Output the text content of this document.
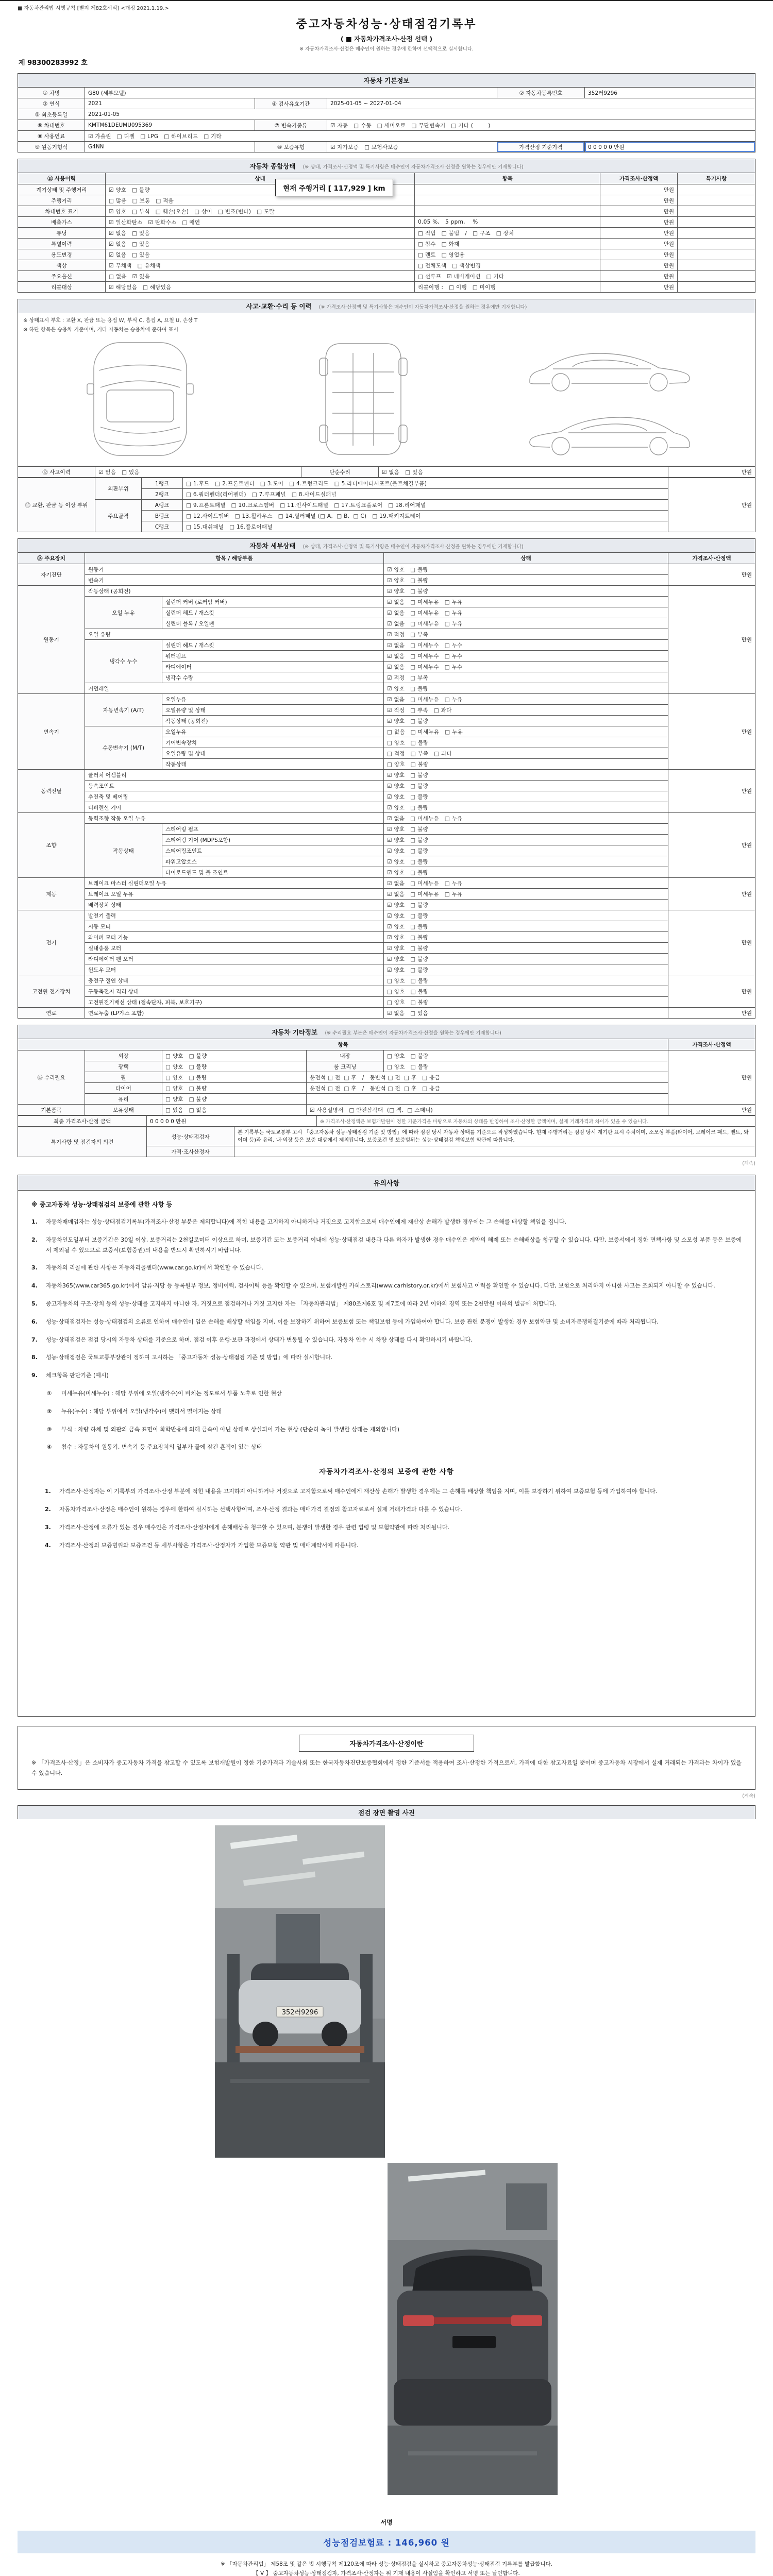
■ 자동차관리법 시행규칙 [별지 제82호서식] <개정 2021.1.19.>
중고자동차성능·상태점검기록부
( ■ 자동차가격조사·산정 선택 )
※ 자동차가격조사·산정은 매수인이 원하는 경우에 한하여 선택적으로 실시합니다.
제 98300283992 호
자동차 기본정보
① 차명	G80 (세부모델)			② 자동차등록번호	352러9296
③ 연식	2021	④ 검사유효기간	2025-01-05 ~ 2027-01-04		
⑤ 최초등록일	2021-01-05				
⑥ 차대번호	KMTM61DEUMU095369	⑦ 변속기종류	☑ 자동   □ 수동   □ 세미오토   □ 무단변속기   □ 기타 (        )		
⑧ 사용연료	☑ 가솔린   □ 디젤   □ LPG   □ 하이브리드   □ 기타				
⑨ 원동기형식	G4NN	⑩ 보증유형	☑ 자가보증   □ 보험사보증	가격산정 기준가격	0 0 0 0 0 만원
자동차 종합상태 (※ 상태, 가격조사·산정액 및 특기사항은 매수인이 자동차가격조사·산정을 원하는 경우에만 기재합니다)
현재 주행거리 [ 117,929 ] km
⑪ 사용이력	상태	항목	가격조사·산정액	특기사항
계기상태 및 주행거리	☑ 양호   □ 불량		만원	
주행거리	□ 많음   □ 보통   □ 적음		만원	
차대번호 표기	☑ 양호   □ 부식   □ 훼손(오손)   □ 상이   □ 변조(변타)   □ 도말		만원	
배출가스	☑ 일산화탄소   ☑ 탄화수소   □ 매연	0.05 %,   5 ppm,    %	만원	
튜닝	☑ 없음   □ 있음	□ 적법   □ 불법   /   □ 구조   □ 장치	만원	
특별이력	☑ 없음   □ 있음	□ 침수   □ 화재	만원	
용도변경	☑ 없음   □ 있음	□ 렌트   □ 영업용	만원	
색상	☑ 무채색   □ 유채색	□ 전체도색   □ 색상변경	만원	
주요옵션	□ 없음   ☑ 있음	□ 선루프   ☑ 네비게이션   □ 기타	만원	
리콜대상	☑ 해당없음   □ 해당있음	리콜이행 :   □ 이행   □ 미이행	만원	
사고·교환·수리 등 이력 (※ 가격조사·산정액 및 특기사항은 매수인이 자동차가격조사·산정을 원하는 경우에만 기재합니다)
※ 상태표시 부호 : 교환 X, 판금 또는 용접 W, 부식 C, 흠집 A, 요철 U, 손상 T
※ 하단 항목은 승용차 기준이며, 기타 자동차는 승용차에 준하여 표시
⑫ 사고이력	☑ 없음   □ 있음	단순수리	☑ 없음   □ 있음	만원
⑬ 교환, 판금 등 이상 부위	외판부위	1랭크	□ 1.후드   □ 2.프론트펜더   □ 3.도어   □ 4.트렁크리드   □ 5.라디에이터서포트(볼트체결부품)	만원
		2랭크	□ 6.쿼터펜더(리어펜더)   □ 7.루프패널   □ 8.사이드실패널	
	주요골격	A랭크	□ 9.프론트패널   □ 10.크로스멤버   □ 11.인사이드패널   □ 17.트렁크플로어   □ 18.리어패널	
		B랭크	□ 12.사이드멤버   □ 13.휠하우스   □ 14.필러패널 (□ A,  □ B,  □ C)   □ 19.패키지트레이	
		C랭크	□ 15.대쉬패널   □ 16.플로어패널	
자동차 세부상태 (※ 상태, 가격조사·산정액 및 특기사항은 매수인이 자동차가격조사·산정을 원하는 경우에만 기재합니다)
⑭ 주요장치	항목 / 해당부품		상태	가격조사·산정액
자기진단	원동기		☑ 양호   □ 불량	만원
	변속기		☑ 양호   □ 불량	
원동기	작동상태 (공회전)		☑ 양호   □ 불량	만원
	오일 누유	실린더 커버 (로커암 커버)	☑ 없음   □ 미세누유   □ 누유	
		실린더 헤드 / 개스킷	☑ 없음   □ 미세누유   □ 누유	
		실린더 블록 / 오일팬	☑ 없음   □ 미세누유   □ 누유	
	오일 유량		☑ 적정   □ 부족	
	냉각수 누수	실린더 헤드 / 개스킷	☑ 없음   □ 미세누수   □ 누수	
		워터펌프	☑ 없음   □ 미세누수   □ 누수	
		라디에이터	☑ 없음   □ 미세누수   □ 누수	
		냉각수 수량	☑ 적정   □ 부족	
	커먼레일		☑ 양호   □ 불량	
변속기	자동변속기 (A/T)	오일누유	☑ 없음   □ 미세누유   □ 누유	만원
		오일유량 및 상태	☑ 적정   □ 부족   □ 과다	
		작동상태 (공회전)	☑ 양호   □ 불량	
	수동변속기 (M/T)	오일누유	□ 없음   □ 미세누유   □ 누유	
		기어변속장치	□ 양호   □ 불량	
		오일유량 및 상태	□ 적정   □ 부족   □ 과다	
		작동상태	□ 양호   □ 불량	
동력전달	클러치 어셈블리		☑ 양호   □ 불량	만원
	등속조인트		☑ 양호   □ 불량	
	추진축 및 베어링		☑ 양호   □ 불량	
	디퍼렌셜 기어		☑ 양호   □ 불량	
조향	동력조향 작동 오일 누유		☑ 없음   □ 미세누유   □ 누유	만원
	작동상태	스티어링 펌프	☑ 양호   □ 불량	
		스티어링 기어 (MDPS포함)	☑ 양호   □ 불량	
		스티어링조인트	☑ 양호   □ 불량	
		파워고압호스	☑ 양호   □ 불량	
		타이로드엔드 및 볼 조인트	☑ 양호   □ 불량	
제동	브레이크 마스터 실린더오일 누유		☑ 없음   □ 미세누유   □ 누유	만원
	브레이크 오일 누유		☑ 없음   □ 미세누유   □ 누유	
	배력장치 상태		☑ 양호   □ 불량	
전기	발전기 출력		☑ 양호   □ 불량	만원
	시동 모터		☑ 양호   □ 불량	
	와이퍼 모터 기능		☑ 양호   □ 불량	
	실내송풍 모터		☑ 양호   □ 불량	
	라디에이터 팬 모터		☑ 양호   □ 불량	
	윈도우 모터		☑ 양호   □ 불량	
고전원 전기장치	충전구 절연 상태		□ 양호   □ 불량	만원
	구동축전지 격리 상태		□ 양호   □ 불량	
	고전원전기배선 상태 (접속단자, 피복, 보호기구)		□ 양호   □ 불량	
연료	연료누출 (LP가스 포함)		☑ 없음   □ 있음	만원
자동차 기타정보 (※ 수리필요 부분은 매수인이 자동차가격조사·산정을 원하는 경우에만 기재합니다)
항목					가격조사·산정액
⑮ 수리필요	외장	□ 양호   □ 불량	내장	□ 양호   □ 불량	만원
	광택	□ 양호   □ 불량	룸 크리닝	□ 양호   □ 불량	
	휠	□ 양호   □ 불량	운전석 □ 전  □ 후   /   동반석 □ 전  □ 후   □ 응급		
	타이어	□ 양호   □ 불량	운전석 □ 전  □ 후   /   동반석 □ 전  □ 후   □ 응급		
	유리	□ 양호   □ 불량			
기본품목	보유상태	□ 있음   □ 없음	☑ 사용설명서   □ 안전삼각대  (□ 잭,  □ 스패너)		만원
최종 가격조사·산정 금액	0 0 0 0 0 만원	※ 가격조사·산정액은 보험개발원이 정한 기준가격을 바탕으로 자동차의 상태를 반영하여 조사·산정한 금액이며, 실제 거래가격과 차이가 있을 수 있습니다.
특기사항 및 점검자의 의견	성능·상태점검자	본 기록부는 국토교통부 고시 「중고자동차 성능·상태점검 기준 및 방법」에 따라 점검 당시 자동차 상태를 기준으로 작성하였습니다. 현재 주행거리는 점검 당시 계기판 표시 수치이며, 소모성 부품(타이어, 브레이크 패드, 벨트, 와이퍼 등)과 유리, 내·외장 등은 보증 대상에서 제외됩니다. 보증조건 및 보증범위는 성능·상태점검 책임보험 약관에 따릅니다.
	가격·조사산정자	
(계속)
유의사항
※ 중고자동차 성능·상태점검의 보증에 관한 사항 등
1.	자동차매매업자는 성능·상태점검기록부(가격조사·산정 부분은 제외합니다)에 적힌 내용을 고지하지 아니하거나 거짓으로 고지함으로써 매수인에게 재산상 손해가 발생한 경우에는 그 손해를 배상할 책임을 집니다.
2.	자동차인도일부터 보증기간은 30일 이상, 보증거리는 2천킬로미터 이상으로 하며, 보증기간 또는 보증거리 이내에 성능·상태점검 내용과 다른 하자가 발생한 경우 매수인은 계약의 해제 또는 손해배상을 청구할 수 있습니다. 다만, 보증서에서 정한 면책사항 및 소모성 부품 등은 보증에서 제외될 수 있으므로 보증서(보험증권)의 내용을 반드시 확인하시기 바랍니다.
3.	자동차의 리콜에 관한 사항은 자동차리콜센터(www.car.go.kr)에서 확인할 수 있습니다.
4.	자동차365(www.car365.go.kr)에서 압류·저당 등 등록원부 정보, 정비이력, 검사이력 등을 확인할 수 있으며, 보험개발원 카히스토리(www.carhistory.or.kr)에서 보험사고 이력을 확인할 수 있습니다. 다만, 보험으로 처리하지 아니한 사고는 조회되지 아니할 수 있습니다.
5.	중고자동차의 구조·장치 등의 성능·상태를 고지하지 아니한 자, 거짓으로 점검하거나 거짓 고지한 자는 「자동차관리법」 제80조제6호 및 제7호에 따라 2년 이하의 징역 또는 2천만원 이하의 벌금에 처합니다.
6.	성능·상태점검자는 성능·상태점검의 오류로 인하여 매수인이 입은 손해를 배상할 책임을 지며, 이를 보장하기 위하여 보증보험 또는 책임보험 등에 가입하여야 합니다. 보증 관련 분쟁이 발생한 경우 보험약관 및 소비자분쟁해결기준에 따라 처리됩니다.
7.	성능·상태점검은 점검 당시의 자동차 상태를 기준으로 하며, 점검 이후 운행·보관 과정에서 상태가 변동될 수 있습니다. 자동차 인수 시 차량 상태를 다시 확인하시기 바랍니다.
8.	성능·상태점검은 국토교통부장관이 정하여 고시하는 「중고자동차 성능·상태점검 기준 및 방법」에 따라 실시합니다.
9.	체크항목 판단기준 (예시)
①	미세누유(미세누수) : 해당 부위에 오일(냉각수)이 비치는 정도로서 부품 노후로 인한 현상
②	누유(누수) : 해당 부위에서 오일(냉각수)이 맺혀서 떨어지는 상태
③	부식 : 차량 하체 및 외판의 금속 표면이 화학반응에 의해 금속이 아닌 상태로 상실되어 가는 현상 (단순히 녹이 발생한 상태는 제외합니다)
④	침수 : 자동차의 원동기, 변속기 등 주요장치의 일부가 물에 잠긴 흔적이 있는 상태
자동차가격조사·산정의 보증에 관한 사항
1.	가격조사·산정자는 이 기록부의 가격조사·산정 부분에 적힌 내용을 고지하지 아니하거나 거짓으로 고지함으로써 매수인에게 재산상 손해가 발생한 경우에는 그 손해를 배상할 책임을 지며, 이를 보장하기 위하여 보증보험 등에 가입하여야 합니다.
2.	자동차가격조사·산정은 매수인이 원하는 경우에 한하여 실시하는 선택사항이며, 조사·산정 결과는 매매가격 결정의 참고자료로서 실제 거래가격과 다를 수 있습니다.
3.	가격조사·산정에 오류가 있는 경우 매수인은 가격조사·산정자에게 손해배상을 청구할 수 있으며, 분쟁이 발생한 경우 관련 법령 및 보험약관에 따라 처리됩니다.
4.	가격조사·산정의 보증범위와 보증조건 등 세부사항은 가격조사·산정자가 가입한 보증보험 약관 및 매매계약서에 따릅니다.
자동차가격조사·산정이란
※ 「가격조사·산정」은 소비자가 중고자동차 가격을 참고할 수 있도록 보험개발원이 정한 기준가격과 기술사회 또는 한국자동차진단보증협회에서 정한 기준서를 적용하여 조사·산정한 가격으로서, 가격에 대한 참고자료일 뿐이며 중고자동차 시장에서 실제 거래되는 가격과는 차이가 있을 수 있습니다.
(계속)
점검 장면 촬영 사진
352러9296
서명
성능점검보험료 : 146,960 원
※ 「자동차관리법」 제58조 및 같은 법 시행규칙 제120조에 따라 성능·상태점검을 실시하고 중고자동차성능·상태점검 기록부를 발급합니다.
【 V 】 중고자동차성능·상태점검자, 가격조사·산정자는 위 기재 내용이 사실임을 확인하고 서명 또는 날인합니다.
